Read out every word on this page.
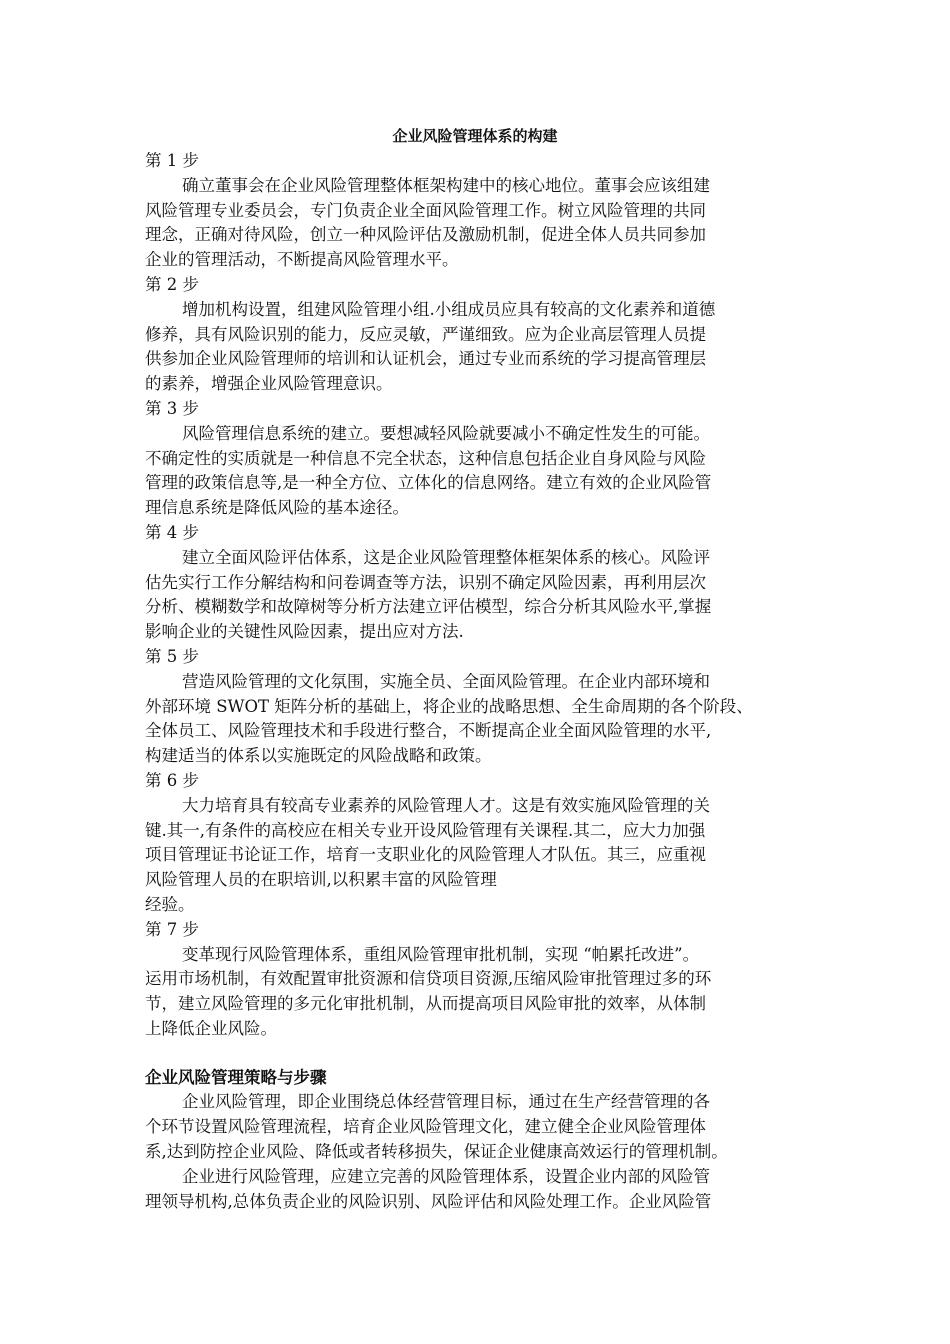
企业风险管理体系的构建
第 1 步
确立董事会在企业风险管理整体框架构建中的核心地位。董事会应该组建
风险管理专业委员会，专门负责企业全面风险管理工作。树立风险管理的共同
理念，正确对待风险，创立一种风险评估及激励机制，促进全体人员共同参加
企业的管理活动，不断提高风险管理水平。
第 2 步
增加机构设置，组建风险管理小组.小组成员应具有较高的文化素养和道德
修养，具有风险识别的能力，反应灵敏，严谨细致。应为企业高层管理人员提
供参加企业风险管理师的培训和认证机会，通过专业而系统的学习提高管理层
的素养，增强企业风险管理意识。
第 3 步
风险管理信息系统的建立。要想减轻风险就要减小不确定性发生的可能。
不确定性的实质就是一种信息不完全状态，这种信息包括企业自身风险与风险
管理的政策信息等,是一种全方位、立体化的信息网络。建立有效的企业风险管
理信息系统是降低风险的基本途径。
第 4 步
建立全面风险评估体系，这是企业风险管理整体框架体系的核心。风险评
估先实行工作分解结构和问卷调查等方法，识别不确定风险因素，再利用层次
分析、模糊数学和故障树等分析方法建立评估模型，综合分析其风险水平,掌握
影响企业的关键性风险因素，提出应对方法.
第 5 步
营造风险管理的文化氛围，实施全员、全面风险管理。在企业内部环境和
外部环境 SWOT 矩阵分析的基础上，将企业的战略思想、全生命周期的各个阶段、
全体员工、风险管理技术和手段进行整合，不断提高企业全面风险管理的水平,
构建适当的体系以实施既定的风险战略和政策。
第 6 步
大力培育具有较高专业素养的风险管理人才。这是有效实施风险管理的关
键.其一,有条件的高校应在相关专业开设风险管理有关课程.其二，应大力加强
项目管理证书论证工作，培育一支职业化的风险管理人才队伍。其三，应重视
风险管理人员的在职培训,以积累丰富的风险管理
经验。
第 7 步
变革现行风险管理体系，重组风险管理审批机制，实现 “帕累托改进”。
运用市场机制，有效配置审批资源和信贷项目资源,压缩风险审批管理过多的环
节，建立风险管理的多元化审批机制，从而提高项目风险审批的效率，从体制
上降低企业风险。
企业风险管理策略与步骤
企业风险管理，即企业围绕总体经营管理目标，通过在生产经营管理的各
个环节设置风险管理流程，培育企业风险管理文化，建立健全企业风险管理体
系,达到防控企业风险、降低或者转移损失，保证企业健康高效运行的管理机制。
企业进行风险管理，应建立完善的风险管理体系，设置企业内部的风险管
理领导机构,总体负责企业的风险识别、风险评估和风险处理工作。企业风险管
